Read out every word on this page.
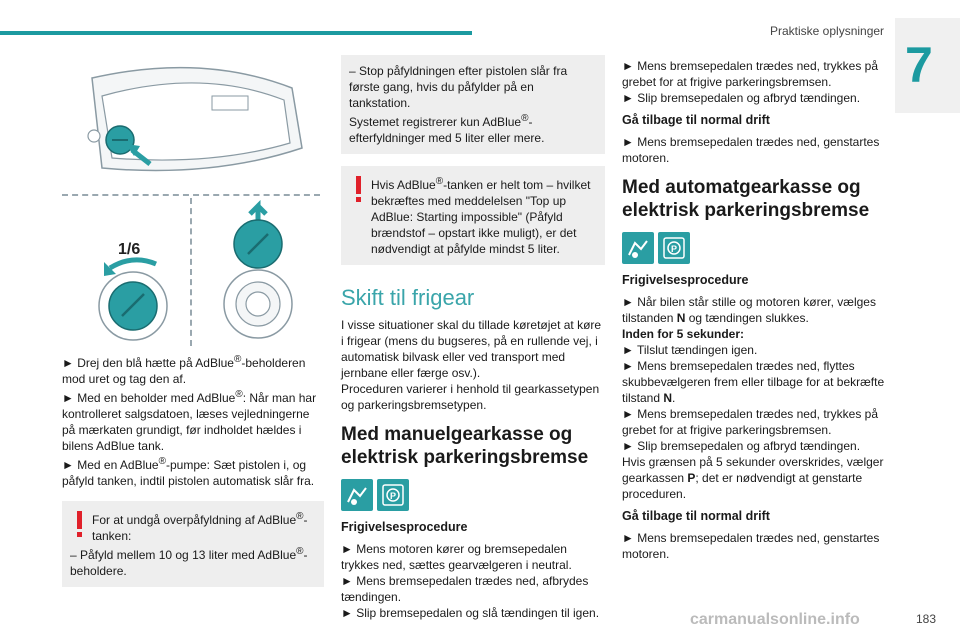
Praktiske oplysninger
7
1/6

► Drej den blå hætte på AdBlue®-beholderen mod uret og tag den af.

► Med en beholder med AdBlue®: Når man har kontrolleret salgsdatoen, læses vejledningerne på mærkaten grundigt, før indholdet hældes i bilens AdBlue tank.

► Med en AdBlue®-pumpe: Sæt pistolen i, og påfyld tanken, indtil pistolen automatisk slår fra.

For at undgå overpåfyldning af AdBlue®-tanken:

– Påfyld mellem 10 og 13 liter med AdBlue®-beholdere.

– Stop påfyldningen efter pistolen slår fra første gang, hvis du påfylder på en tankstation.

Systemet registrerer kun AdBlue®-efterfyldninger med 5 liter eller mere.

Hvis AdBlue®-tanken er helt tom – hvilket bekræftes med meddelelsen "Top up AdBlue: Starting impossible" (Påfyld brændstof – opstart ikke muligt), er det nødvendigt at påfylde mindst 5 liter.

Skift til frigear

I visse situationer skal du tillade køretøjet at køre i frigear (mens du bugseres, på en rullende vej, i automatisk bilvask eller ved transport med jernbane eller færge osv.).

Proceduren varierer i henhold til gearkassetypen og parkeringsbremsetypen.

Med manuelgearkasse og elektrisk parkeringsbremse
P

Frigivelsesprocedure

► Mens motoren kører og bremsepedalen trykkes ned, sættes gearvælgeren i neutral.

► Mens bremsepedalen trædes ned, afbrydes tændingen.

► Slip bremsepedalen og slå tændingen til igen.

► Mens bremsepedalen trædes ned, trykkes på grebet for at frigive parkeringsbremsen.

► Slip bremsepedalen og afbryd tændingen.

Gå tilbage til normal drift

► Mens bremsepedalen trædes ned, genstartes motoren.

Med automatgearkasse og elektrisk parkeringsbremse
P

Frigivelsesprocedure

► Når bilen står stille og motoren kører, vælges tilstanden N og tændingen slukkes.

Inden for 5 sekunder:

► Tilslut tændingen igen.

► Mens bremsepedalen trædes ned, flyttes skubbevælgeren frem eller tilbage for at bekræfte tilstand N.

► Mens bremsepedalen trædes ned, trykkes på grebet for at frigive parkeringsbremsen.

► Slip bremsepedalen og afbryd tændingen.

Hvis grænsen på 5 sekunder overskrides, vælger gearkassen P; det er nødvendigt at genstarte proceduren.

Gå tilbage til normal drift

► Mens bremsepedalen trædes ned, genstartes motoren.

carmanualsonline.info	183
